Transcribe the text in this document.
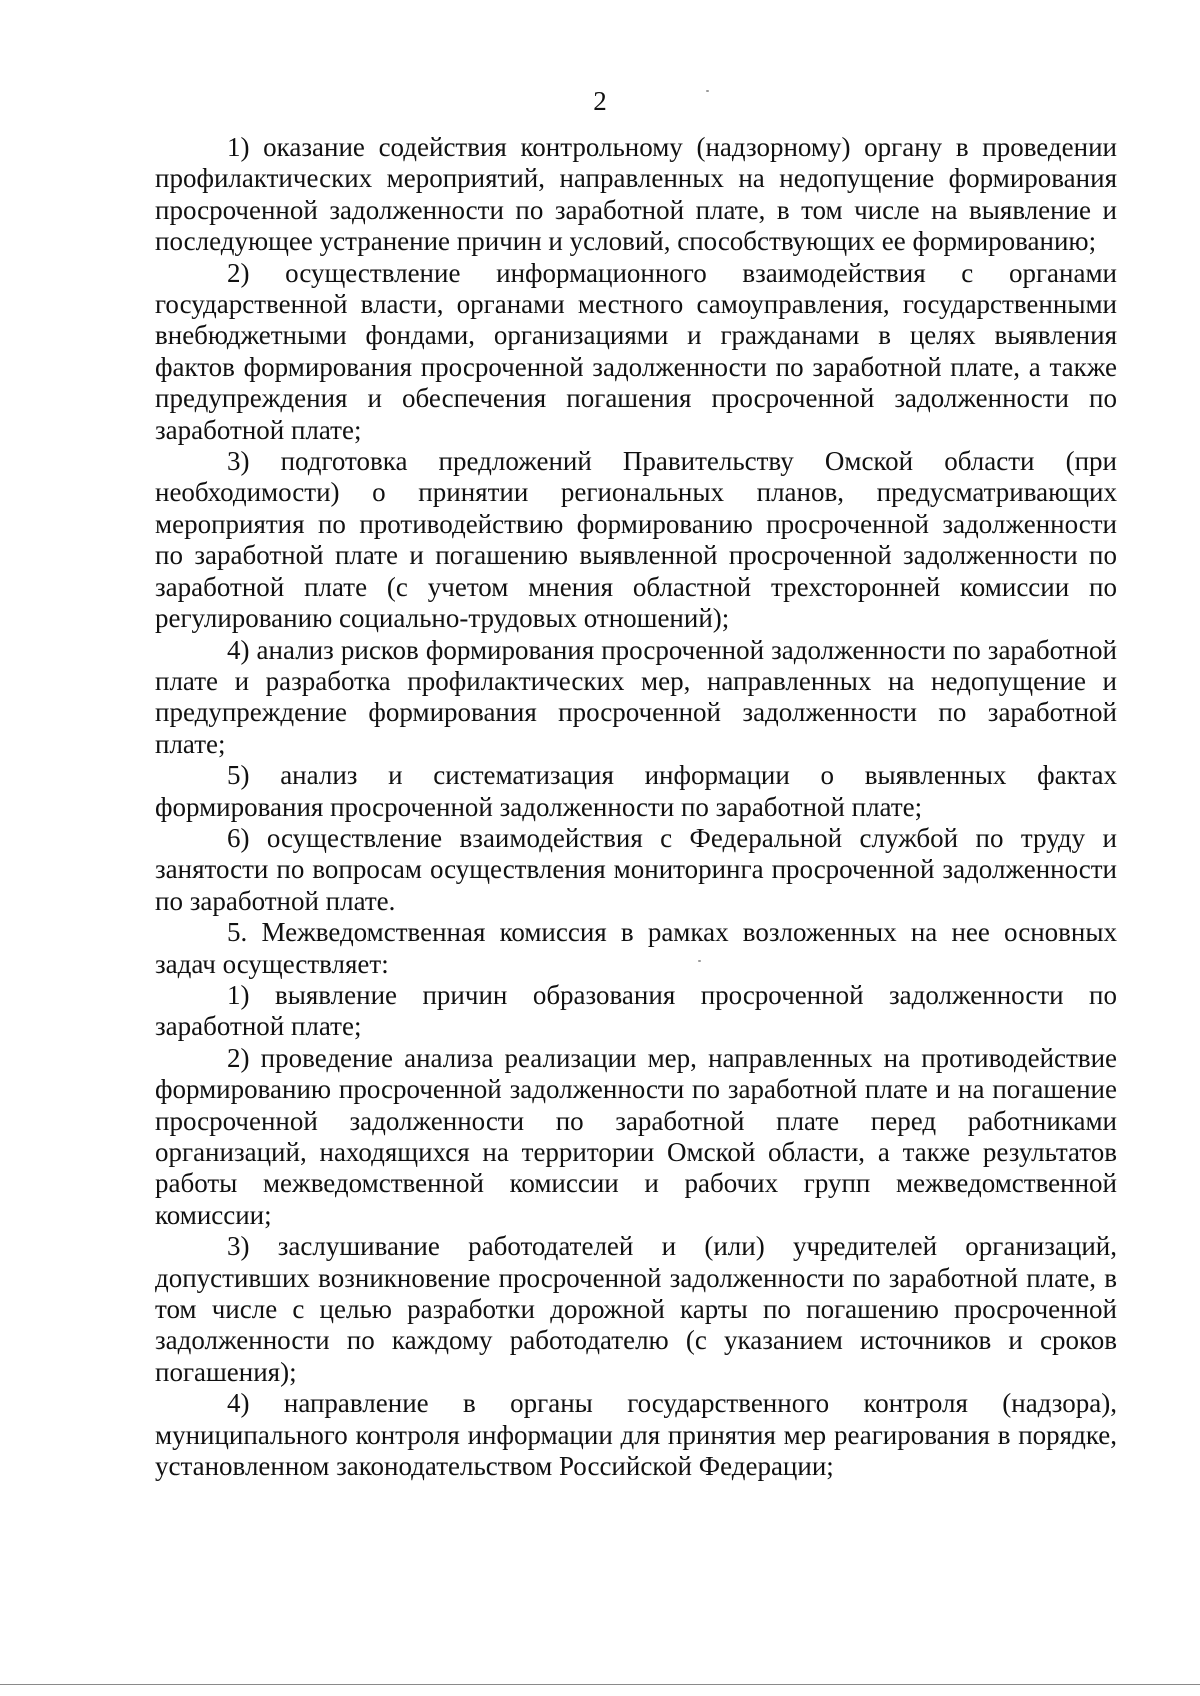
2

1) оказание содействия контрольному (надзорному) органу в проведении профилактических мероприятий, направленных на недопущение формирования просроченной задолженности по заработной плате, в том числе на выявление и последующее устранение причин и условий, способствующих ее формированию;

2) осуществление информационного взаимодействия с органами государственной власти, органами местного самоуправления, государственными внебюджетными фондами, организациями и гражданами в целях выявления фактов формирования просроченной задолженности по заработной плате, а также предупреждения и обеспечения погашения просроченной задолженности по заработной плате;

3) подготовка предложений Правительству Омской области (при необходимости) о принятии региональных планов, предусматривающих мероприятия по противодействию формированию просроченной задолженности по заработной плате и погашению выявленной просроченной задолженности по заработной плате (с учетом мнения областной трехсторонней комиссии по регулированию социально-трудовых отношений);

4) анализ рисков формирования просроченной задолженности по заработной плате и разработка профилактических мер, направленных на недопущение и предупреждение формирования просроченной задолженности по заработной плате;

5) анализ и систематизация информации о выявленных фактах формирования просроченной задолженности по заработной плате;

6) осуществление взаимодействия с Федеральной службой по труду и занятости по вопросам осуществления мониторинга просроченной задолженности по заработной плате.

5. Межведомственная комиссия в рамках возложенных на нее основных задач осуществляет:

1) выявление причин образования просроченной задолженности по заработной плате;

2) проведение анализа реализации мер, направленных на противодействие формированию просроченной задолженности по заработной плате и на погашение просроченной задолженности по заработной плате перед работниками организаций, находящихся на территории Омской области, а также результатов работы межведомственной комиссии и рабочих групп межведомственной комиссии;

3) заслушивание работодателей и (или) учредителей организаций, допустивших возникновение просроченной задолженности по заработной плате, в том числе с целью разработки дорожной карты по погашению просроченной задолженности по каждому работодателю (с указанием источников и сроков погашения);

4) направление в органы государственного контроля (надзора), муниципального контроля информации для принятия мер реагирования в порядке, установленном законодательством Российской Федерации;
